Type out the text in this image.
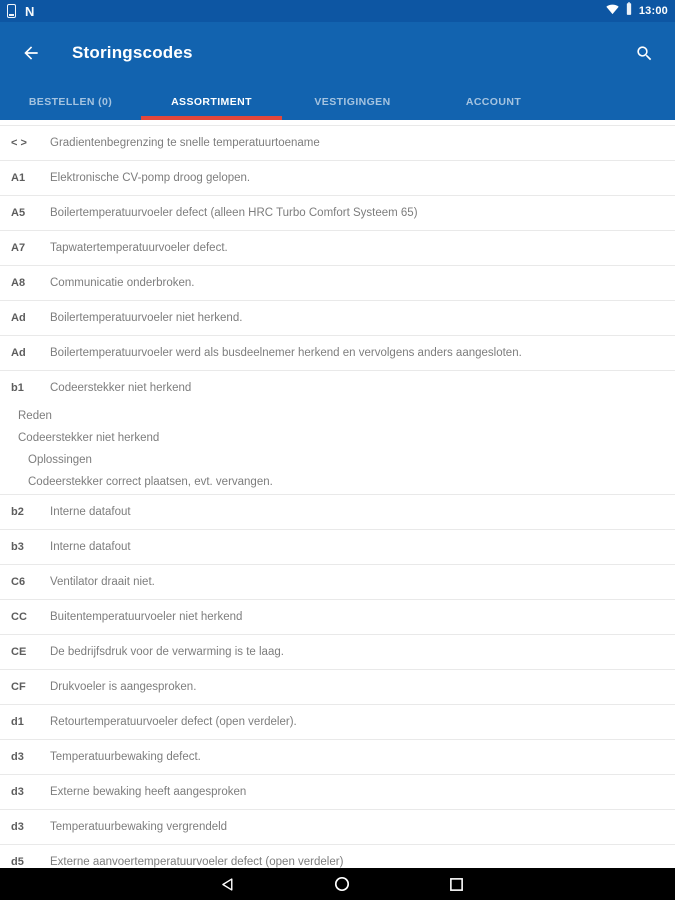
N	13:00
Storingscodes
BESTELLEN (0)	ASSORTIMENT	VESTIGINGEN	ACCOUNT
< >	Gradientenbegrenzing te snelle temperatuurtoename
A1	Elektronische CV-pomp droog gelopen.
A5	Boilertemperatuurvoeler defect (alleen HRC Turbo Comfort Systeem 65)
A7	Tapwatertemperatuurvoeler defect.
A8	Communicatie onderbroken.
Ad	Boilertemperatuurvoeler niet herkend.
Ad	Boilertemperatuurvoeler werd als busdeelnemer herkend en vervolgens anders aangesloten.
b1	Codeerstekker niet herkend
Reden
Codeerstekker niet herkend
Oplossingen
Codeerstekker correct plaatsen, evt. vervangen.
b2	Interne datafout
b3	Interne datafout
C6	Ventilator draait niet.
CC	Buitentemperatuurvoeler niet herkend
CE	De bedrijfsdruk voor de verwarming is te laag.
CF	Drukvoeler is aangesproken.
d1	Retourtemperatuurvoeler defect (open verdeler).
d3	Temperatuurbewaking defect.
d3	Externe bewaking heeft aangesproken
d3	Temperatuurbewaking vergrendeld
d5	Externe aanvoertemperatuurvoeler defect (open verdeler)
